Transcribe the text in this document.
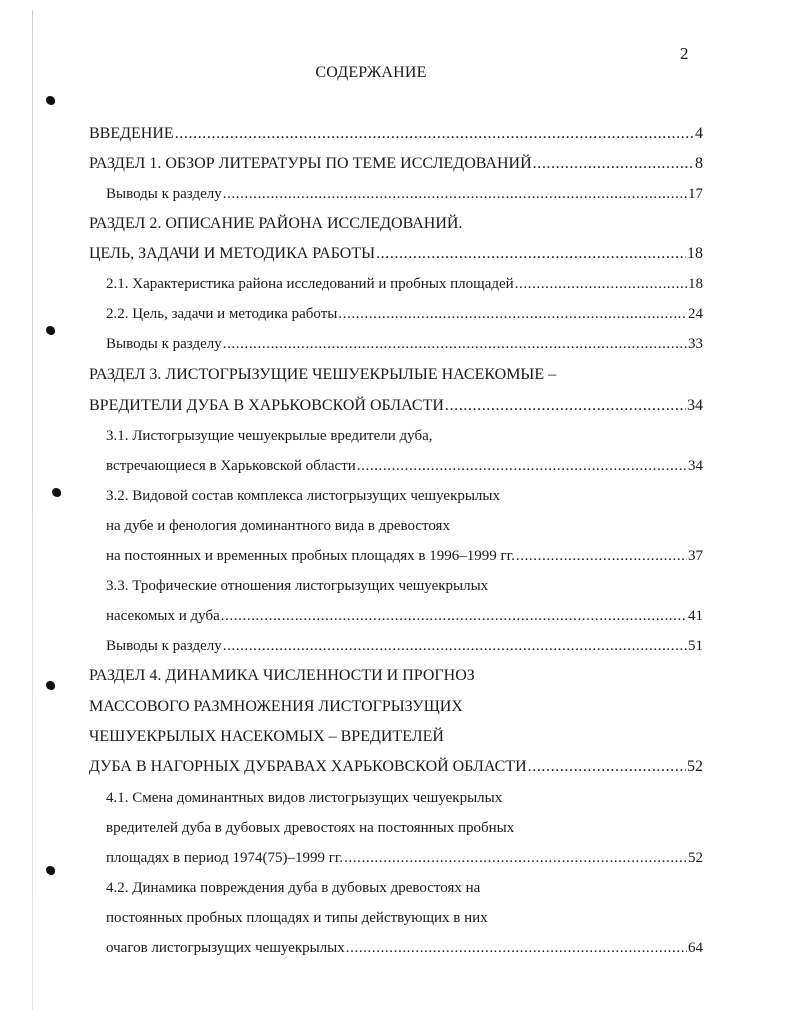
2
СОДЕРЖАНИЕ
ВВЕДЕНИЕ .....	4
РАЗДЕЛ 1. ОБЗОР ЛИТЕРАТУРЫ ПО ТЕМЕ ИССЛЕДОВАНИЙ .....	8
Выводы к разделу .....	17
РАЗДЕЛ 2. ОПИСАНИЕ РАЙОНА ИССЛЕДОВАНИЙ.
ЦЕЛЬ, ЗАДАЧИ И МЕТОДИКА РАБОТЫ .....	18
2.1. Характеристика района исследований и пробных площадей .....	18
2.2. Цель, задачи и методика работы .....	24
Выводы к разделу .....	33
РАЗДЕЛ 3. ЛИСТОГРЫЗУЩИЕ ЧЕШУЕКРЫЛЫЕ НАСЕКОМЫЕ –
ВРЕДИТЕЛИ ДУБА В ХАРЬКОВСКОЙ ОБЛАСТИ .....	34
3.1. Листогрызущие чешуекрылые вредители дуба,
встречающиеся в Харьковской области .....	34
3.2. Видовой состав комплекса листогрызущих чешуекрылых
на дубе и фенология доминантного вида в древостоях
на постоянных и временных пробных площадях в 1996–1999 гг. .....	37
3.3. Трофические отношения листогрызущих чешуекрылых
насекомых и дуба .....	41
Выводы к разделу .....	51
РАЗДЕЛ 4. ДИНАМИКА ЧИСЛЕННОСТИ И ПРОГНОЗ
МАССОВОГО РАЗМНОЖЕНИЯ ЛИСТОГРЫЗУЩИХ
ЧЕШУЕКРЫЛЫХ НАСЕКОМЫХ – ВРЕДИТЕЛЕЙ
ДУБА В НАГОРНЫХ ДУБРАВАХ ХАРЬКОВСКОЙ ОБЛАСТИ .....	52
4.1. Смена доминантных видов листогрызущих чешуекрылых
вредителей дуба в дубовых древостоях на постоянных пробных
площадях в период 1974(75)–1999 гг. .....	52
4.2. Динамика повреждения дуба в дубовых древостоях на
постоянных пробных площадях и типы действующих в них
очагов листогрызущих чешуекрылых .....	64
